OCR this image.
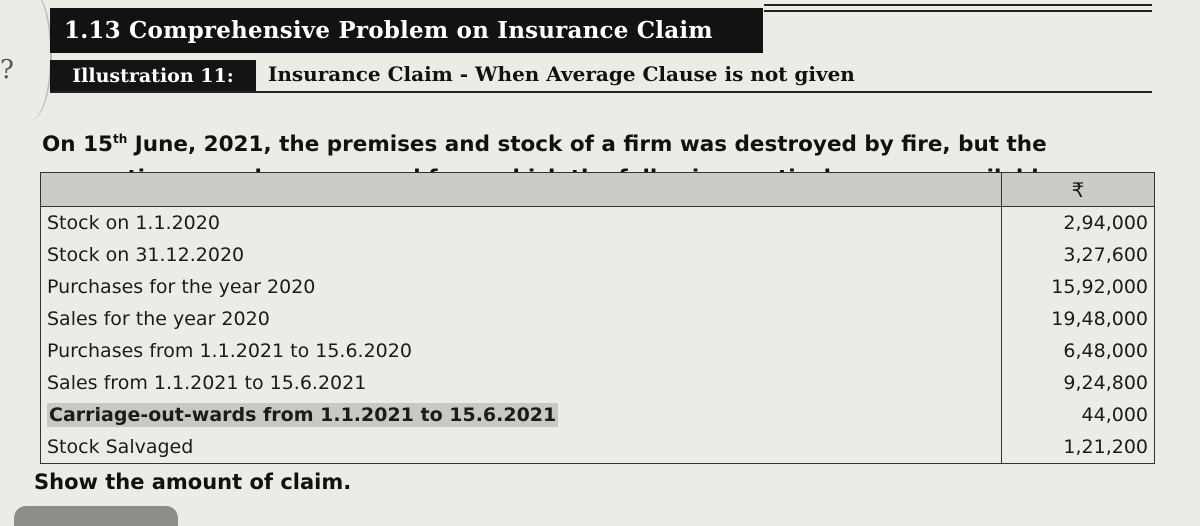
?
1.13 Comprehensive Problem on Insurance Claim
Illustration 11: Insurance Claim - When Average Clause is not given

On 15th June, 2021, the premises and stock of a firm was destroyed by fire, but the

	₹
Stock on 1.1.2020	2,94,000
Stock on 31.12.2020	3,27,600
Purchases for the year 2020	15,92,000
Sales for the year 2020	19,48,000
Purchases from 1.1.2021 to 15.6.2020	6,48,000
Sales from 1.1.2021 to 15.6.2021	9,24,800
Carriage-out-wards from 1.1.2021 to 15.6.2021	44,000
Stock Salvaged	1,21,200
Show the amount of claim.
